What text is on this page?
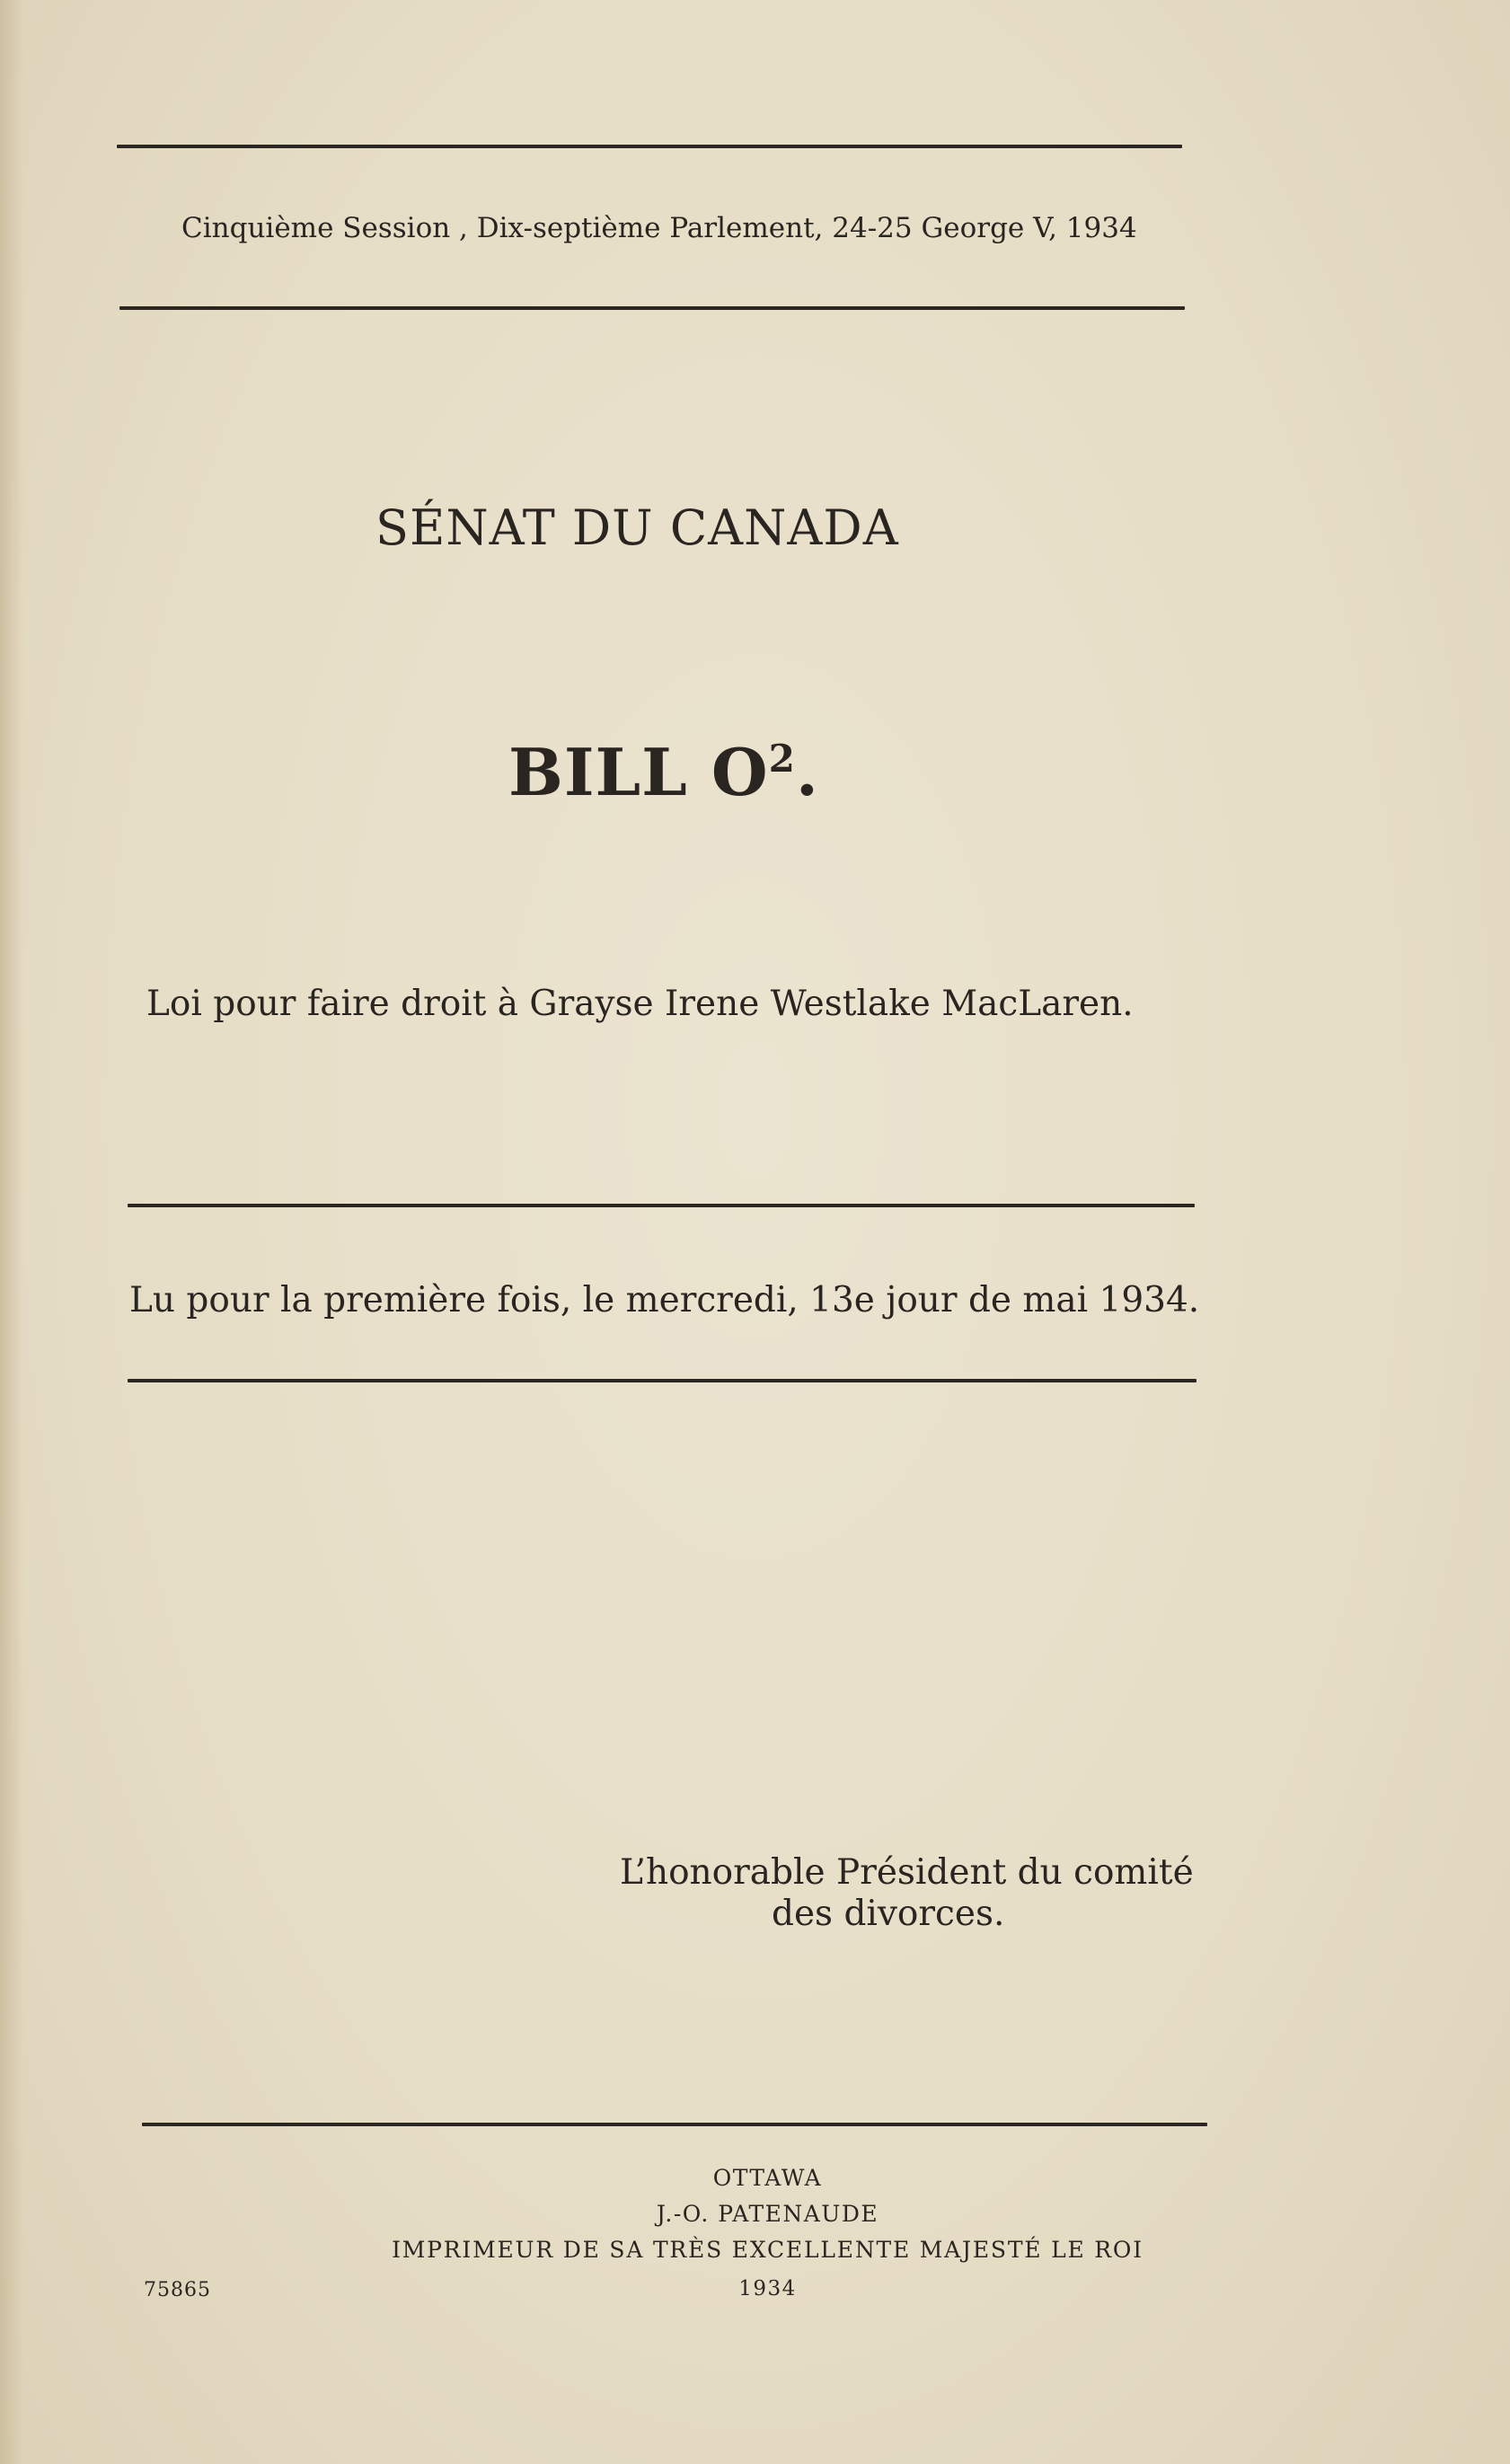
Cinquième Session , Dix-septième Parlement, 24-25 George V, 1934
SÉNAT DU CANADA
BILL $O^2$.
Loi pour faire droit à Grayse Irene Westlake MacLaren.
Lu pour la première fois, le mercredi, 13e jour de mai 1934.
L’honorable Président du comité
des divorces.
OTTAWA
J.-O. PATENAUDE
IMPRIMEUR DE SA TRÈS EXCELLENTE MAJESTÉ LE ROI
1934
75865
